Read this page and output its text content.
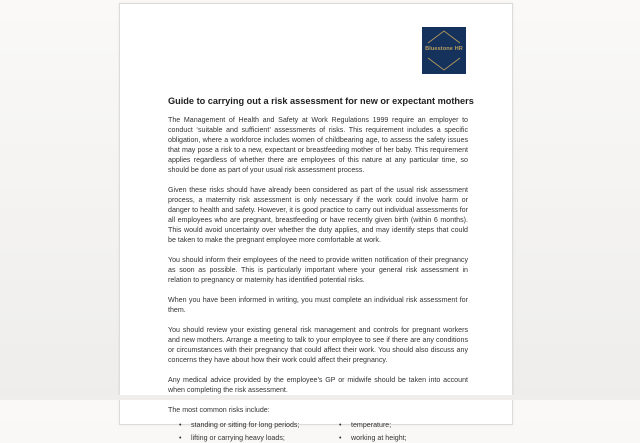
Bluestone HR
Guide to carrying out a risk assessment for new or expectant mothers

The Management of Health and Safety at Work Regulations 1999 require an employer to conduct ‘suitable and sufficient’ assessments of risks. This requirement includes a specific obligation, where a workforce includes women of childbearing age, to assess the safety issues that may pose a risk to a new, expectant or breastfeeding mother of her baby. This requirement applies regardless of whether there are employees of this nature at any particular time, so should be done as part of your usual risk assessment process.

Given these risks should have already been considered as part of the usual risk assessment process, a maternity risk assessment is only necessary if the work could involve harm or danger to health and safety. However, it is good practice to carry out individual assessments for all employees who are pregnant, breastfeeding or have recently given birth (within 6 months). This would avoid uncertainty over whether the duty applies, and may identify steps that could be taken to make the pregnant employee more comfortable at work.

You should inform their employees of the need to provide written notification of their pregnancy as soon as possible. This is particularly important where your general risk assessment in relation to pregnancy or maternity has identified potential risks.

When you have been informed in writing, you must complete an individual risk assessment for them.

You should review your existing general risk management and controls for pregnant workers and new mothers. Arrange a meeting to talk to your employee to see if there are any conditions or circumstances with their pregnancy that could affect their work. You should also discuss any concerns they have about how their work could affect their pregnancy.

Any medical advice provided by the employee’s GP or midwife should be taken into account when completing the risk assessment.

The most common risks include:

• standing or sitting for long periods;	• temperature;
• lifting or carrying heavy loads;	• working at height;
